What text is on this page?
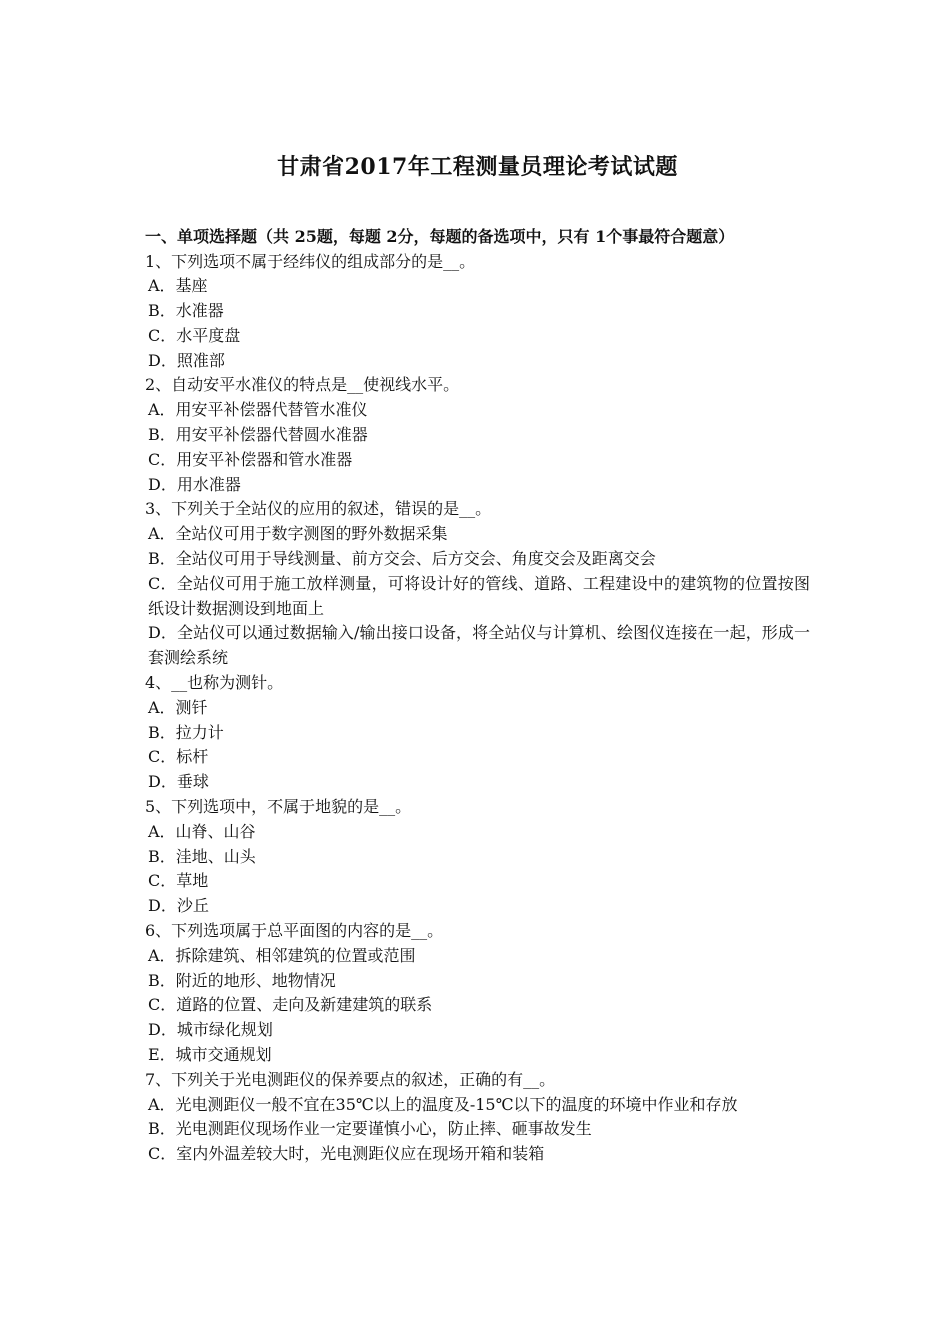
甘肃省2017年工程测量员理论考试试题
一、单项选择题（共 25题，每题 2分，每题的备选项中，只有 1个事最符合题意）

1、下列选项不属于经纬仪的组成部分的是__。

A．基座

B．水准器

C．水平度盘

D．照准部

2、自动安平水准仪的特点是__使视线水平。

A．用安平补偿器代替管水准仪

B．用安平补偿器代替圆水准器

C．用安平补偿器和管水准器

D．用水准器

3、下列关于全站仪的应用的叙述，错误的是__。

A．全站仪可用于数字测图的野外数据采集

B．全站仪可用于导线测量、前方交会、后方交会、角度交会及距离交会

C．全站仪可用于施工放样测量，可将设计好的管线、道路、工程建设中的建筑物的位置按图纸设计数据测设到地面上

D．全站仪可以通过数据输入/输出接口设备，将全站仪与计算机、绘图仪连接在一起，形成一套测绘系统

4、__也称为测针。

A．测钎

B．拉力计

C．标杆

D．垂球

5、下列选项中，不属于地貌的是__。

A．山脊、山谷

B．洼地、山头

C．草地

D．沙丘

6、下列选项属于总平面图的内容的是__。

A．拆除建筑、相邻建筑的位置或范围

B．附近的地形、地物情况

C．道路的位置、走向及新建建筑的联系

D．城市绿化规划

E．城市交通规划

7、下列关于光电测距仪的保养要点的叙述，正确的有__。

A．光电测距仪一般不宜在35℃以上的温度及-15℃以下的温度的环境中作业和存放

B．光电测距仪现场作业一定要谨慎小心，防止摔、砸事故发生

C．室内外温差较大时，光电测距仪应在现场开箱和装箱
